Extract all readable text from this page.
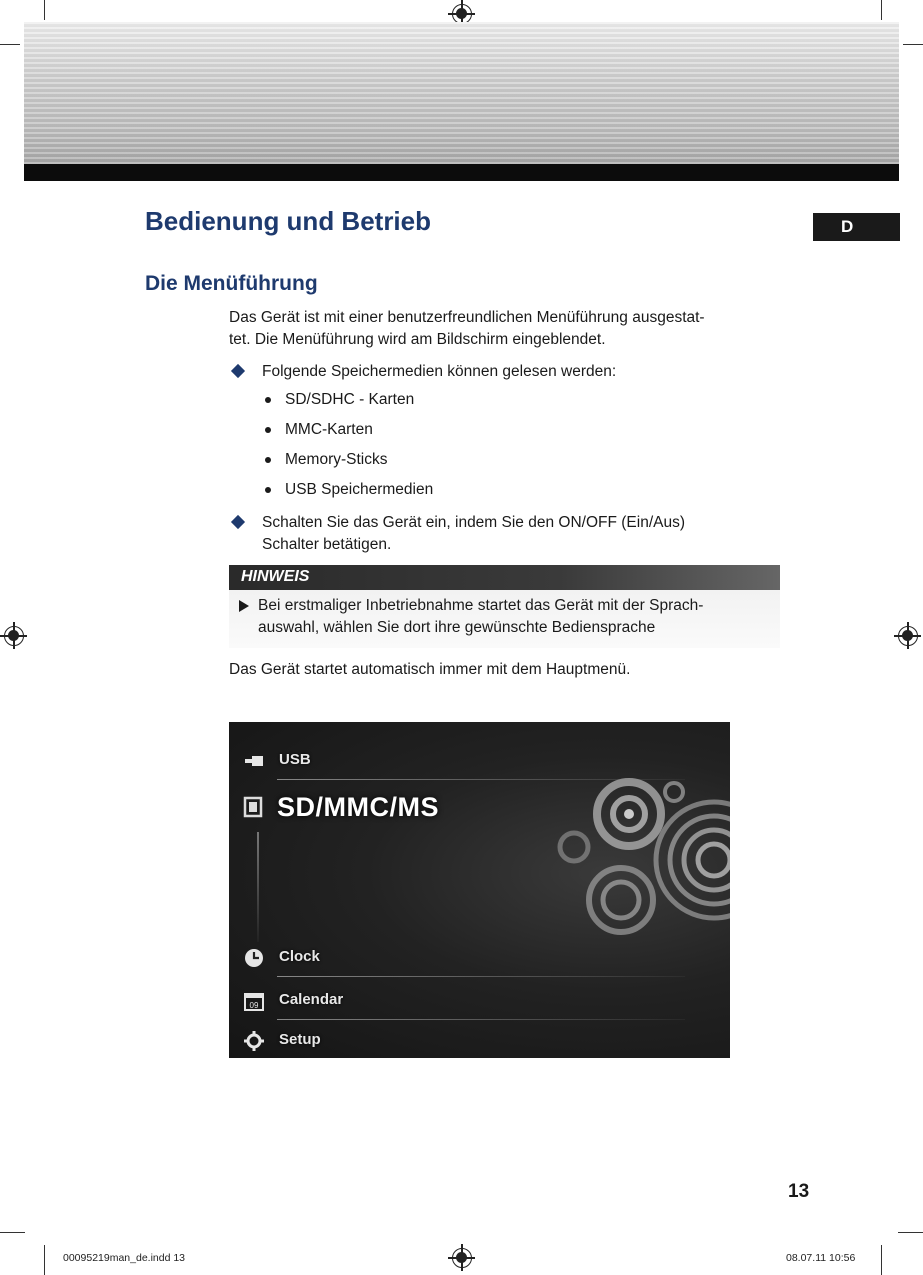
Bedienung und Betrieb	D
Die Menüführung
Das Gerät ist mit einer benutzerfreundlichen Menüführung ausgestat-
tet. Die Menüführung wird am Bildschirm eingeblendet.
Folgende Speichermedien können gelesen werden:
SD/SDHC - Karten
MMC-Karten
Memory-Sticks
USB Speichermedien
Schalten Sie das Gerät ein, indem Sie den ON/OFF (Ein/Aus)
Schalter betätigen.
HINWEIS
Bei erstmaliger Inbetriebnahme startet das Gerät mit der Sprach-
auswahl, wählen Sie dort ihre gewünschte Bediensprache
Das Gerät startet automatisch immer mit dem Hauptmenü.
USB
SD/MMC/MS
Clock
09 Calendar
Setup
13
00095219man_de.indd 13	08.07.11 10:56
